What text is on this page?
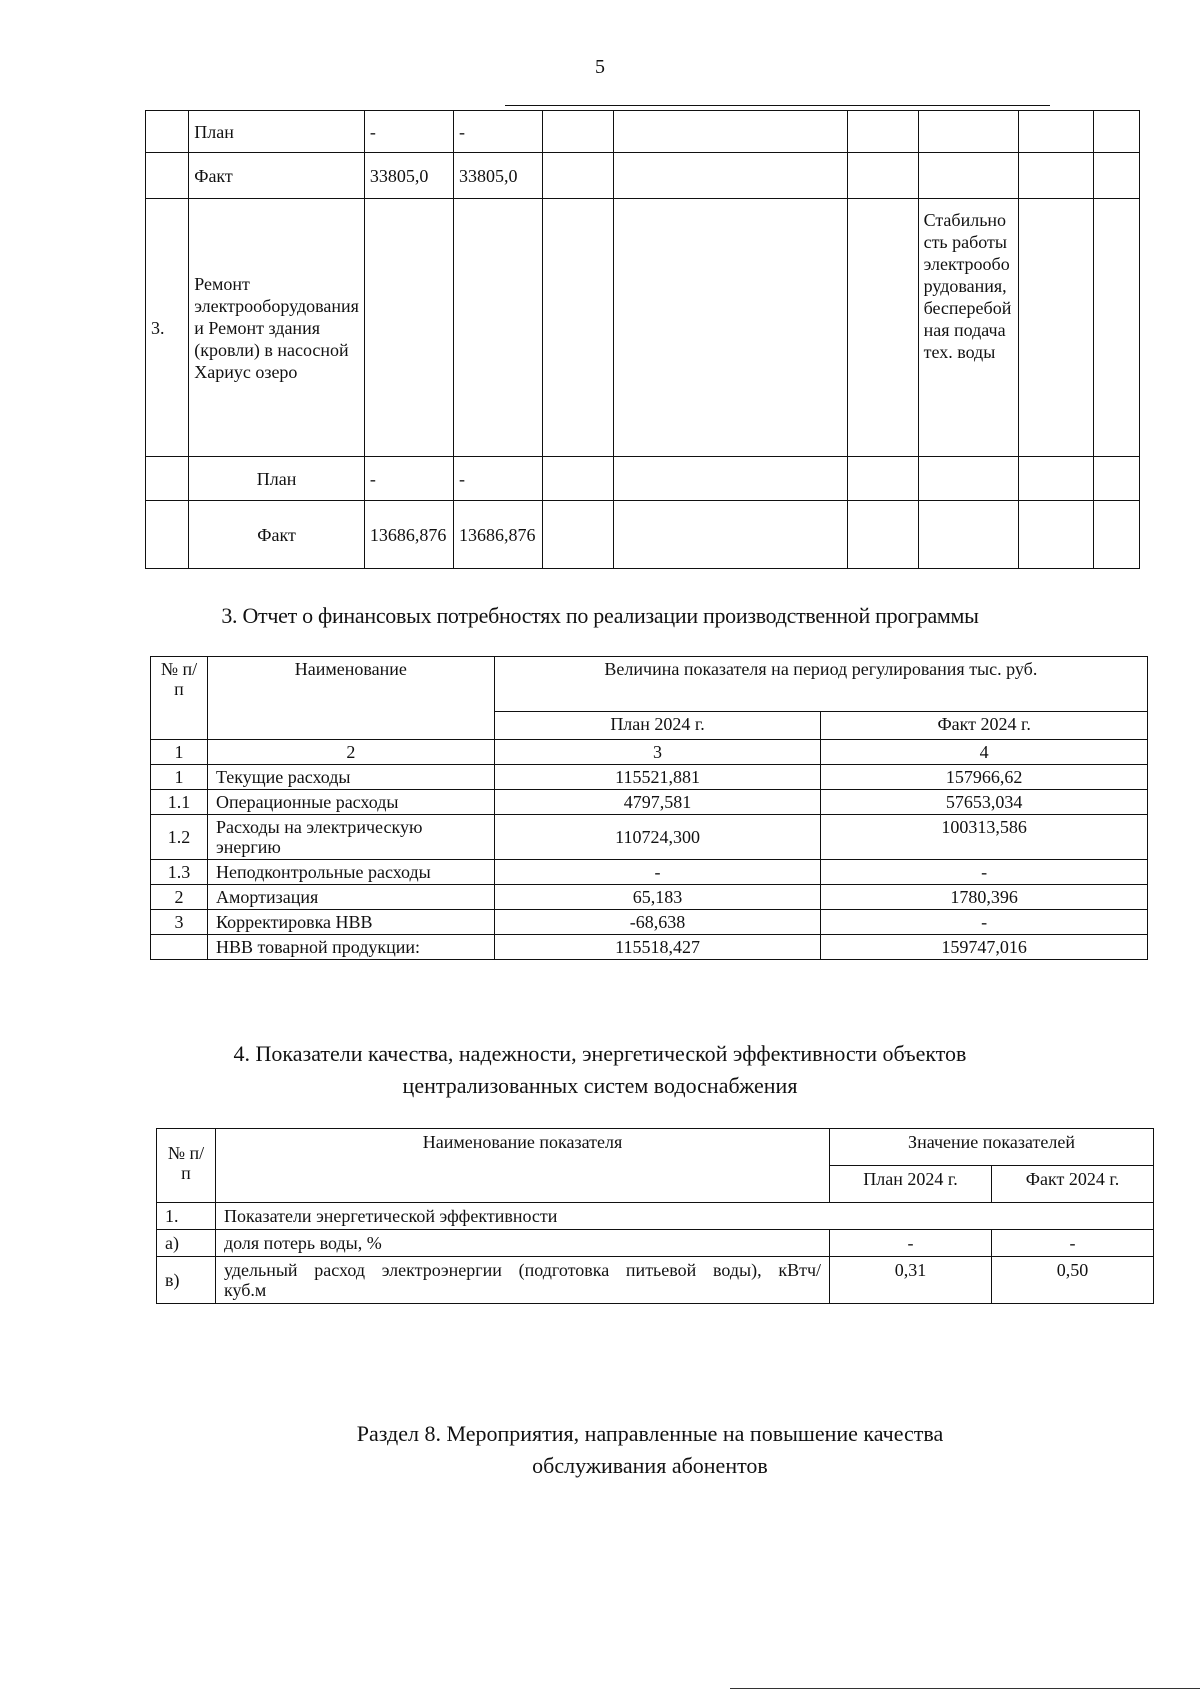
5
	План	-	-						
	Факт	33805,0	33805,0						
3.	Ремонт электрооборудования и Ремонт здания (кровли) в насосной Хариус озеро						Стабильность работы электрооборудования, бесперебойная подача тех. воды		
	План	-	-						
	Факт	13686,876	13686,876						
3. Отчет о финансовых потребностях по реализации производственной программы
№ п/п	Наименование	Величина показателя на период регулирования тыс. руб.	
		План 2024 г.	Факт 2024 г.
1	2	3	4
1	Текущие расходы	115521,881	157966,62
1.1	Операционные расходы	4797,581	57653,034
1.2	Расходы на электрическую энергию	110724,300	100313,586
1.3	Неподконтрольные расходы	-	-
2	Амортизация	65,183	1780,396
3	Корректировка НВВ	-68,638	-
	НВВ товарной продукции:	115518,427	159747,016
4. Показатели качества, надежности, энергетической эффективности объектов
централизованных систем водоснабжения
№ п/п	Наименование показателя	Значение показателей	
		План 2024 г.	Факт 2024 г.
1.	Показатели энергетической эффективности		
а)	доля потерь воды, %	-	-
в)	удельный расход электроэнергии (подготовка питьевой воды), кВтч/куб.м	0,31	0,50
Раздел 8. Мероприятия, направленные на повышение качества
обслуживания абонентов
